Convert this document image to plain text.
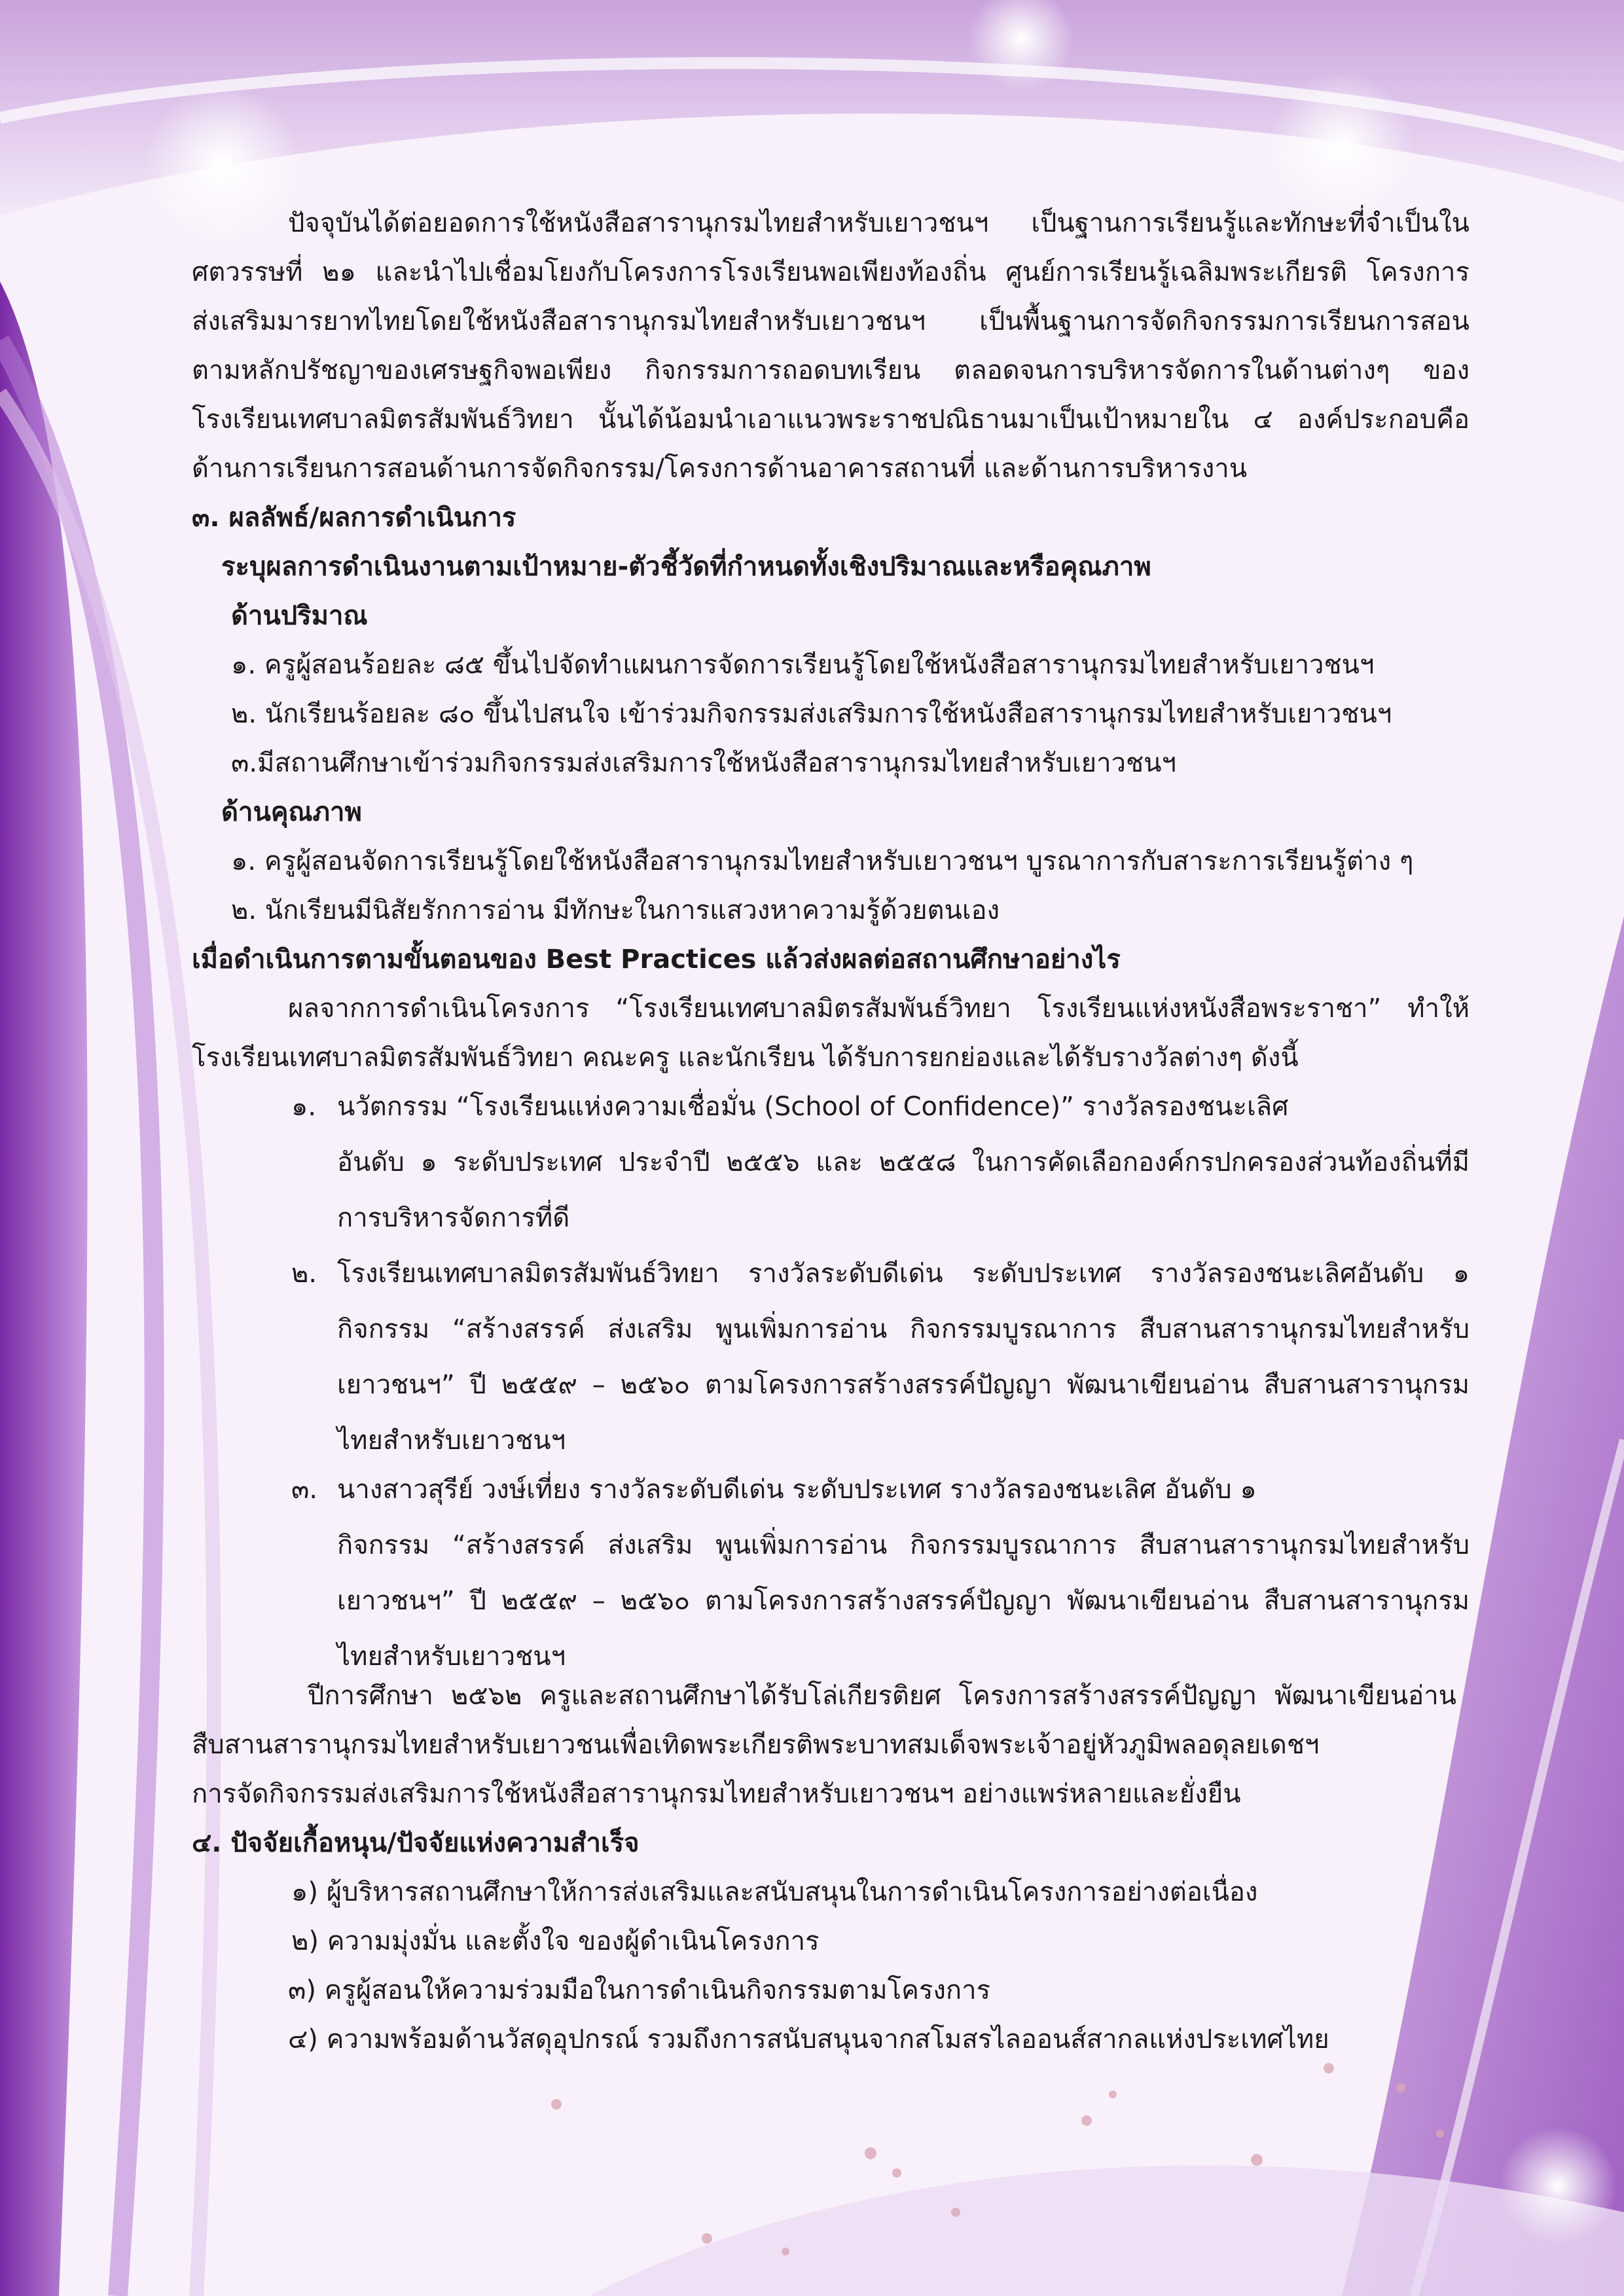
ปัจจุบันได้ต่อยอดการใช้หนังสือสารานุกรมไทยสำหรับเยาวชนฯ เป็นฐานการเรียนรู้และทักษะที่จำเป็นใน
ศตวรรษที่ ๒๑ และนำไปเชื่อมโยงกับโครงการโรงเรียนพอเพียงท้องถิ่น ศูนย์การเรียนรู้เฉลิมพระเกียรติ โครงการ
ส่งเสริมมารยาทไทยโดยใช้หนังสือสารานุกรมไทยสำหรับเยาวชนฯ เป็นพื้นฐานการจัดกิจกรรมการเรียนการสอน
ตามหลักปรัชญาของเศรษฐกิจพอเพียง กิจกรรมการถอดบทเรียน ตลอดจนการบริหารจัดการในด้านต่างๆ ของ
โรงเรียนเทศบาลมิตรสัมพันธ์วิทยา นั้นได้น้อมนำเอาแนวพระราชปณิธานมาเป็นเป้าหมายใน ๔ องค์ประกอบคือ
ด้านการเรียนการสอนด้านการจัดกิจกรรม/โครงการด้านอาคารสถานที่ และด้านการบริหารงาน
๓. ผลลัพธ์/ผลการดำเนินการ
ระบุผลการดำเนินงานตามเป้าหมาย-ตัวชี้วัดที่กำหนดทั้งเชิงปริมาณและหรือคุณภาพ
ด้านปริมาณ
๑. ครูผู้สอนร้อยละ ๘๕ ขึ้นไปจัดทำแผนการจัดการเรียนรู้โดยใช้หนังสือสารานุกรมไทยสำหรับเยาวชนฯ
๒. นักเรียนร้อยละ ๘๐ ขึ้นไปสนใจ เข้าร่วมกิจกรรมส่งเสริมการใช้หนังสือสารานุกรมไทยสำหรับเยาวชนฯ
๓.มีสถานศึกษาเข้าร่วมกิจกรรมส่งเสริมการใช้หนังสือสารานุกรมไทยสำหรับเยาวชนฯ
ด้านคุณภาพ
๑. ครูผู้สอนจัดการเรียนรู้โดยใช้หนังสือสารานุกรมไทยสำหรับเยาวชนฯ บูรณาการกับสาระการเรียนรู้ต่าง ๆ
๒. นักเรียนมีนิสัยรักการอ่าน มีทักษะในการแสวงหาความรู้ด้วยตนเอง
เมื่อดำเนินการตามขั้นตอนของ Best Practices แล้วส่งผลต่อสถานศึกษาอย่างไร
ผลจากการดำเนินโครงการ “โรงเรียนเทศบาลมิตรสัมพันธ์วิทยา โรงเรียนแห่งหนังสือพระราชา” ทำให้
โรงเรียนเทศบาลมิตรสัมพันธ์วิทยา คณะครู และนักเรียน ได้รับการยกย่องและได้รับรางวัลต่างๆ ดังนี้
๑. นวัตกรรม “โรงเรียนแห่งความเชื่อมั่น (School of Confidence)” รางวัลรองชนะเลิศ
อันดับ ๑ ระดับประเทศ ประจำปี ๒๕๕๖ และ ๒๕๕๘ ในการคัดเลือกองค์กรปกครองส่วนท้องถิ่นที่มี
การบริหารจัดการที่ดี
๒. โรงเรียนเทศบาลมิตรสัมพันธ์วิทยา รางวัลระดับดีเด่น ระดับประเทศ รางวัลรองชนะเลิศอันดับ ๑
กิจกรรม “สร้างสรรค์ ส่งเสริม พูนเพิ่มการอ่าน กิจกรรมบูรณาการ สืบสานสารานุกรมไทยสำหรับ
เยาวชนฯ” ปี ๒๕๕๙ – ๒๕๖๐ ตามโครงการสร้างสรรค์ปัญญา พัฒนาเขียนอ่าน สืบสานสารานุกรม
ไทยสำหรับเยาวชนฯ
๓. นางสาวสุรีย์ วงษ์เที่ยง รางวัลระดับดีเด่น ระดับประเทศ รางวัลรองชนะเลิศ อันดับ ๑
กิจกรรม “สร้างสรรค์ ส่งเสริม พูนเพิ่มการอ่าน กิจกรรมบูรณาการ สืบสานสารานุกรมไทยสำหรับ
เยาวชนฯ” ปี ๒๕๕๙ – ๒๕๖๐ ตามโครงการสร้างสรรค์ปัญญา พัฒนาเขียนอ่าน สืบสานสารานุกรม
ไทยสำหรับเยาวชนฯ
ปีการศึกษา ๒๕๖๒ ครูและสถานศึกษาได้รับโล่เกียรติยศ โครงการสร้างสรรค์ปัญญา พัฒนาเขียนอ่าน
สืบสานสารานุกรมไทยสำหรับเยาวชนเพื่อเทิดพระเกียรติพระบาทสมเด็จพระเจ้าอยู่หัวภูมิพลอดุลยเดชฯ
การจัดกิจกรรมส่งเสริมการใช้หนังสือสารานุกรมไทยสำหรับเยาวชนฯ อย่างแพร่หลายและยั่งยืน
๔. ปัจจัยเกื้อหนุน/ปัจจัยแห่งความสำเร็จ
๑) ผู้บริหารสถานศึกษาให้การส่งเสริมและสนับสนุนในการดำเนินโครงการอย่างต่อเนื่อง
๒) ความมุ่งมั่น และตั้งใจ ของผู้ดำเนินโครงการ
๓) ครูผู้สอนให้ความร่วมมือในการดำเนินกิจกรรมตามโครงการ
๔) ความพร้อมด้านวัสดุอุปกรณ์ รวมถึงการสนับสนุนจากสโมสรไลออนส์สากลแห่งประเทศไทย
